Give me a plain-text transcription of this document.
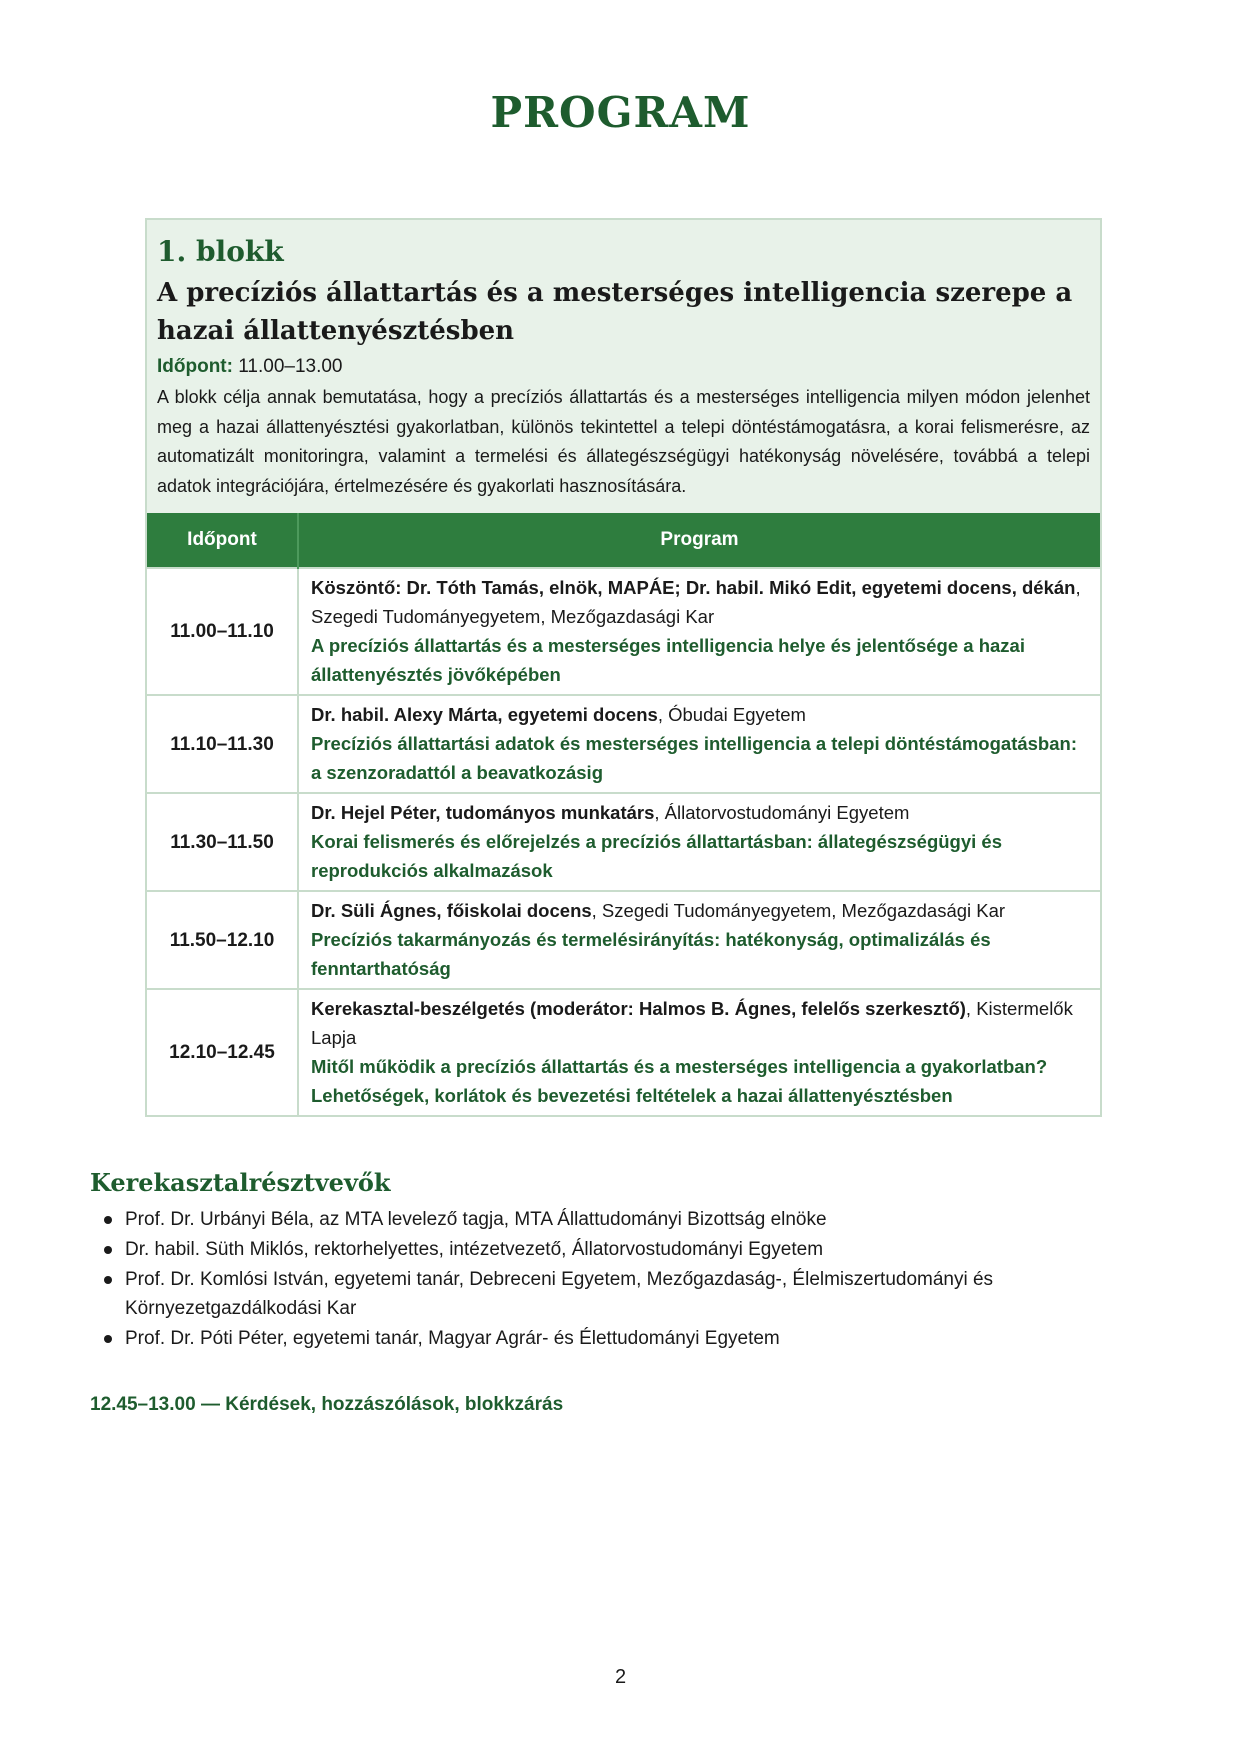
PROGRAM
1. blokk
A precíziós állattartás és a mesterséges intelligencia szerepe a hazai állattenyésztésben
Időpont: 11.00–13.00
A blokk célja annak bemutatása, hogy a precíziós állattartás és a mesterséges intelligencia milyen módon jelenhet meg a hazai állattenyésztési gyakorlatban, különös tekintettel a telepi döntéstámogatásra, a korai felismerésre, az automatizált monitoringra, valamint a termelési és állategészségügyi hatékonyság növelésére, továbbá a telepi adatok integrációjára, értelmezésére és gyakorlati hasznosítására.
Időpont	Program
11.00–11.10	Köszöntő: Dr. Tóth Tamás, elnök, MAPÁE; Dr. habil. Mikó Edit, egyetemi docens, dékán, Szegedi Tudományegyetem, Mezőgazdasági Kar
A precíziós állattartás és a mesterséges intelligencia helye és jelentősége a hazai állattenyésztés jövőképében

11.10–11.30	Dr. habil. Alexy Márta, egyetemi docens, Óbudai Egyetem
Precíziós állattartási adatok és mesterséges intelligencia a telepi döntéstámogatásban: a szenzoradattól a beavatkozásig

11.30–11.50	Dr. Hejel Péter, tudományos munkatárs, Állatorvostudományi Egyetem
Korai felismerés és előrejelzés a precíziós állattartásban: állategészségügyi és reprodukciós alkalmazások

11.50–12.10	Dr. Süli Ágnes, főiskolai docens, Szegedi Tudományegyetem, Mezőgazdasági Kar
Precíziós takarmányozás és termelésirányítás: hatékonyság, optimalizálás és fenntarthatóság

12.10–12.45	Kerekasztal-beszélgetés (moderátor: Halmos B. Ágnes, felelős szerkesztő), Kistermelők Lapja
Mitől működik a precíziós állattartás és a mesterséges intelligencia a gyakorlatban? Lehetőségek, korlátok és bevezetési feltételek a hazai állattenyésztésben
Kerekasztalrésztvevők
Prof. Dr. Urbányi Béla, az MTA levelező tagja, MTA Állattudományi Bizottság elnöke
Dr. habil. Süth Miklós, rektorhelyettes, intézetvezető, Állatorvostudományi Egyetem
Prof. Dr. Komlósi István, egyetemi tanár, Debreceni Egyetem, Mezőgazdaság-, Élelmiszertudományi és Környezetgazdálkodási Kar
Prof. Dr. Póti Péter, egyetemi tanár, Magyar Agrár- és Élettudományi Egyetem

12.45–13.00 — Kérdések, hozzászólások, blokkzárás

2
